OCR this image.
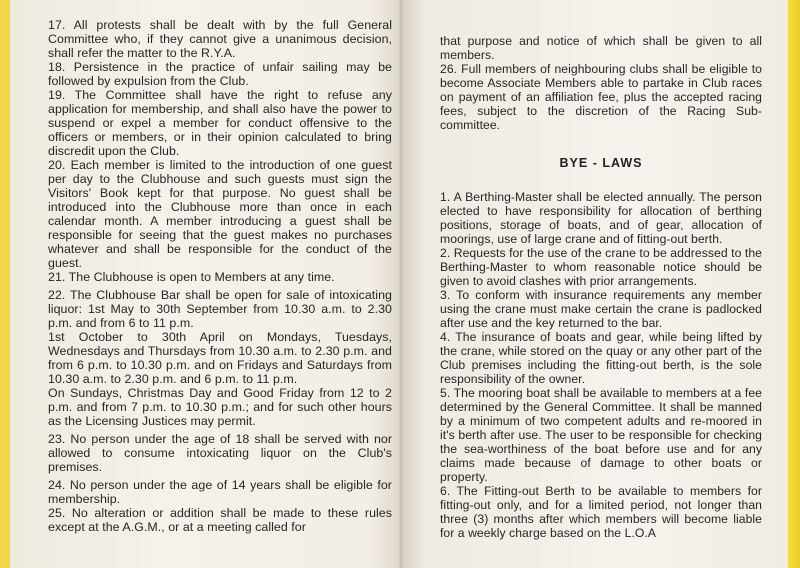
17. All protests shall be dealt with by the full General Committee who, if they cannot give a unanimous decision, shall refer the matter to the R.Y.A.

18. Persistence in the practice of unfair sailing may be followed by expulsion from the Club.

19. The Committee shall have the right to refuse any application for membership, and shall also have the power to suspend or expel a member for conduct offensive to the officers or members, or in their opinion calculated to bring discredit upon the Club.

20. Each member is limited to the introduction of one guest per day to the Clubhouse and such guests must sign the Visitors' Book kept for that purpose. No guest shall be introduced into the Clubhouse more than once in each calendar month. A member introducing a guest shall be responsible for seeing that the guest makes no purchases whatever and shall be responsible for the conduct of the guest.

21. The Clubhouse is open to Members at any time.

22. The Clubhouse Bar shall be open for sale of intoxicating liquor: 1st May to 30th September from 10.30 a.m. to 2.30 p.m. and from 6 to 11 p.m.

1st October to 30th April on Mondays, Tuesdays, Wednesdays and Thursdays from 10.30 a.m. to 2.30 p.m. and from 6 p.m. to 10.30 p.m. and on Fridays and Saturdays from 10.30 a.m. to 2.30 p.m. and 6 p.m. to 11 p.m.

On Sundays, Christmas Day and Good Friday from 12 to 2 p.m. and from 7 p.m. to 10.30 p.m.; and for such other hours as the Licensing Justices may permit.

23. No person under the age of 18 shall be served with nor allowed to consume intoxicating liquor on the Club's premises.

24. No person under the age of 14 years shall be eligible for membership.

25. No alteration or addition shall be made to these rules except at the A.G.M., or at a meeting called for

that purpose and notice of which shall be given to all members.

26. Full members of neighbouring clubs shall be eligible to become Associate Members able to partake in Club races on payment of an affiliation fee, plus the accepted racing fees, subject to the discretion of the Racing Sub-committee.

BYE - LAWS

1. A Berthing-Master shall be elected annually. The person elected to have responsibility for allocation of berthing positions, storage of boats, and of gear, allocation of moorings, use of large crane and of fitting-out berth.

2. Requests for the use of the crane to be addressed to the Berthing-Master to whom reasonable notice should be given to avoid clashes with prior arrangements.

3. To conform with insurance requirements any member using the crane must make certain the crane is padlocked after use and the key returned to the bar.

4. The insurance of boats and gear, while being lifted by the crane, while stored on the quay or any other part of the Club premises including the fitting-out berth, is the sole responsibility of the owner.

5. The mooring boat shall be available to members at a fee determined by the General Committee. It shall be manned by a minimum of two competent adults and re-moored in it's berth after use. The user to be responsible for checking the sea-worthiness of the boat before use and for any claims made because of damage to other boats or property.

6. The Fitting-out Berth to be available to members for fitting-out only, and for a limited period, not longer than three (3) months after which members will become liable for a weekly charge based on the L.O.A
